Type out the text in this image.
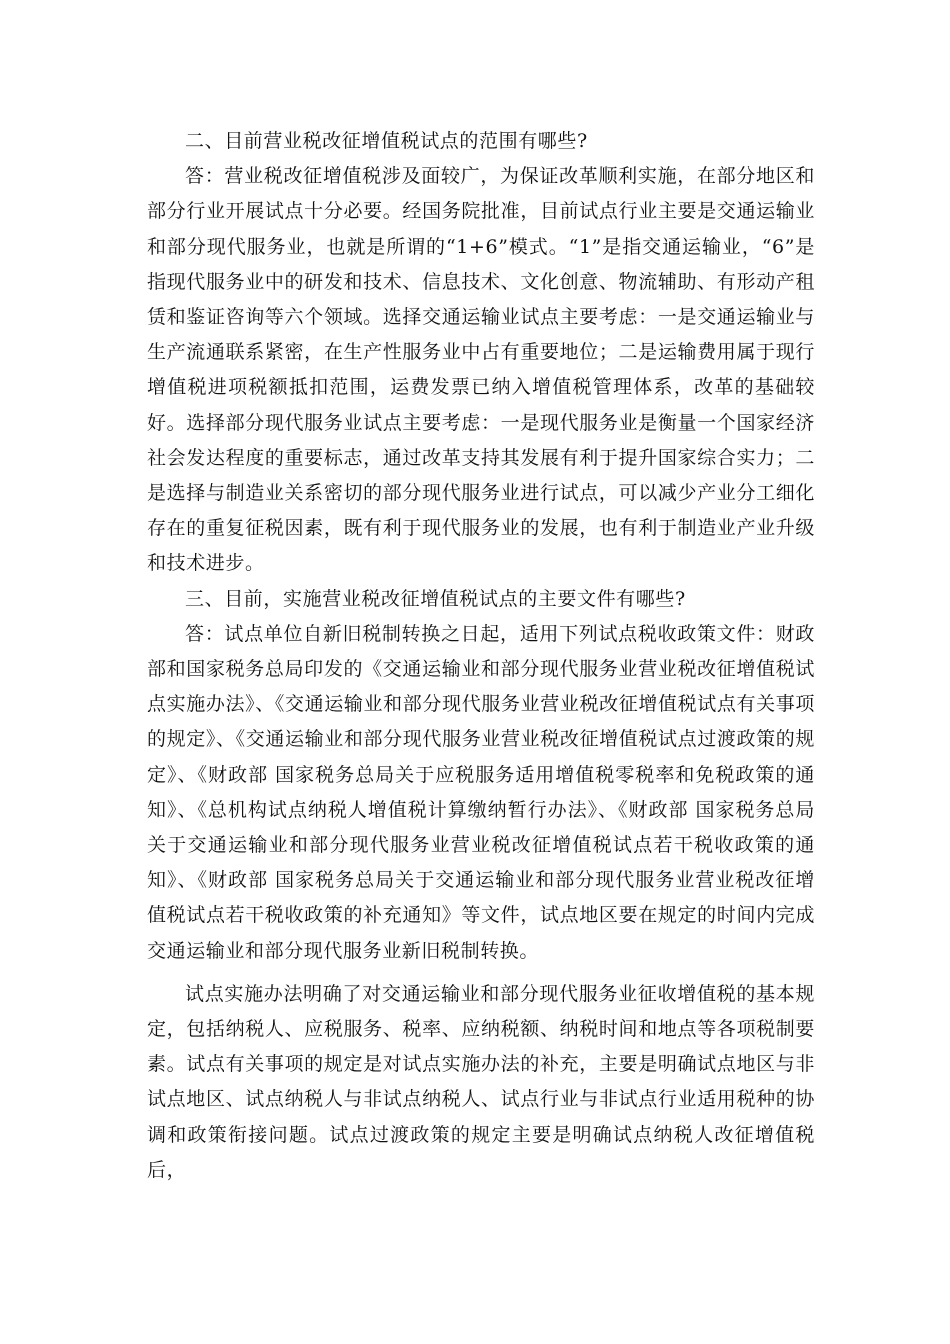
二、目前营业税改征增值税试点的范围有哪些?

答：营业税改征增值税涉及面较广，为保证改革顺利实施，在部分地区和部分行业开展试点十分必要。经国务院批准，目前试点行业主要是交通运输业和部分现代服务业，也就是所谓的“1+6”模式。“1”是指交通运输业，“6”是指现代服务业中的研发和技术、信息技术、文化创意、物流辅助、有形动产租赁和鉴证咨询等六个领域。选择交通运输业试点主要考虑：一是交通运输业与生产流通联系紧密，在生产性服务业中占有重要地位；二是运输费用属于现行增值税进项税额抵扣范围，运费发票已纳入增值税管理体系，改革的基础较好。选择部分现代服务业试点主要考虑：一是现代服务业是衡量一个国家经济社会发达程度的重要标志，通过改革支持其发展有利于提升国家综合实力；二是选择与制造业关系密切的部分现代服务业进行试点，可以减少产业分工细化存在的重复征税因素，既有利于现代服务业的发展，也有利于制造业产业升级和技术进步。

三、目前，实施营业税改征增值税试点的主要文件有哪些?

答：试点单位自新旧税制转换之日起，适用下列试点税收政策文件：财政部和国家税务总局印发的《交通运输业和部分现代服务业营业税改征增值税试点实施办法》、《交通运输业和部分现代服务业营业税改征增值税试点有关事项的规定》、《交通运输业和部分现代服务业营业税改征增值税试点过渡政策的规定》、《财政部 国家税务总局关于应税服务适用增值税零税率和免税政策的通知》、《总机构试点纳税人增值税计算缴纳暂行办法》、《财政部 国家税务总局关于交通运输业和部分现代服务业营业税改征增值税试点若干税收政策的通知》、《财政部 国家税务总局关于交通运输业和部分现代服务业营业税改征增值税试点若干税收政策的补充通知》等文件，试点地区要在规定的时间内完成交通运输业和部分现代服务业新旧税制转换。

试点实施办法明确了对交通运输业和部分现代服务业征收增值税的基本规定，包括纳税人、应税服务、税率、应纳税额、纳税时间和地点等各项税制要素。试点有关事项的规定是对试点实施办法的补充，主要是明确试点地区与非试点地区、试点纳税人与非试点纳税人、试点行业与非试点行业适用税种的协调和政策衔接问题。试点过渡政策的规定主要是明确试点纳税人改征增值税后，
